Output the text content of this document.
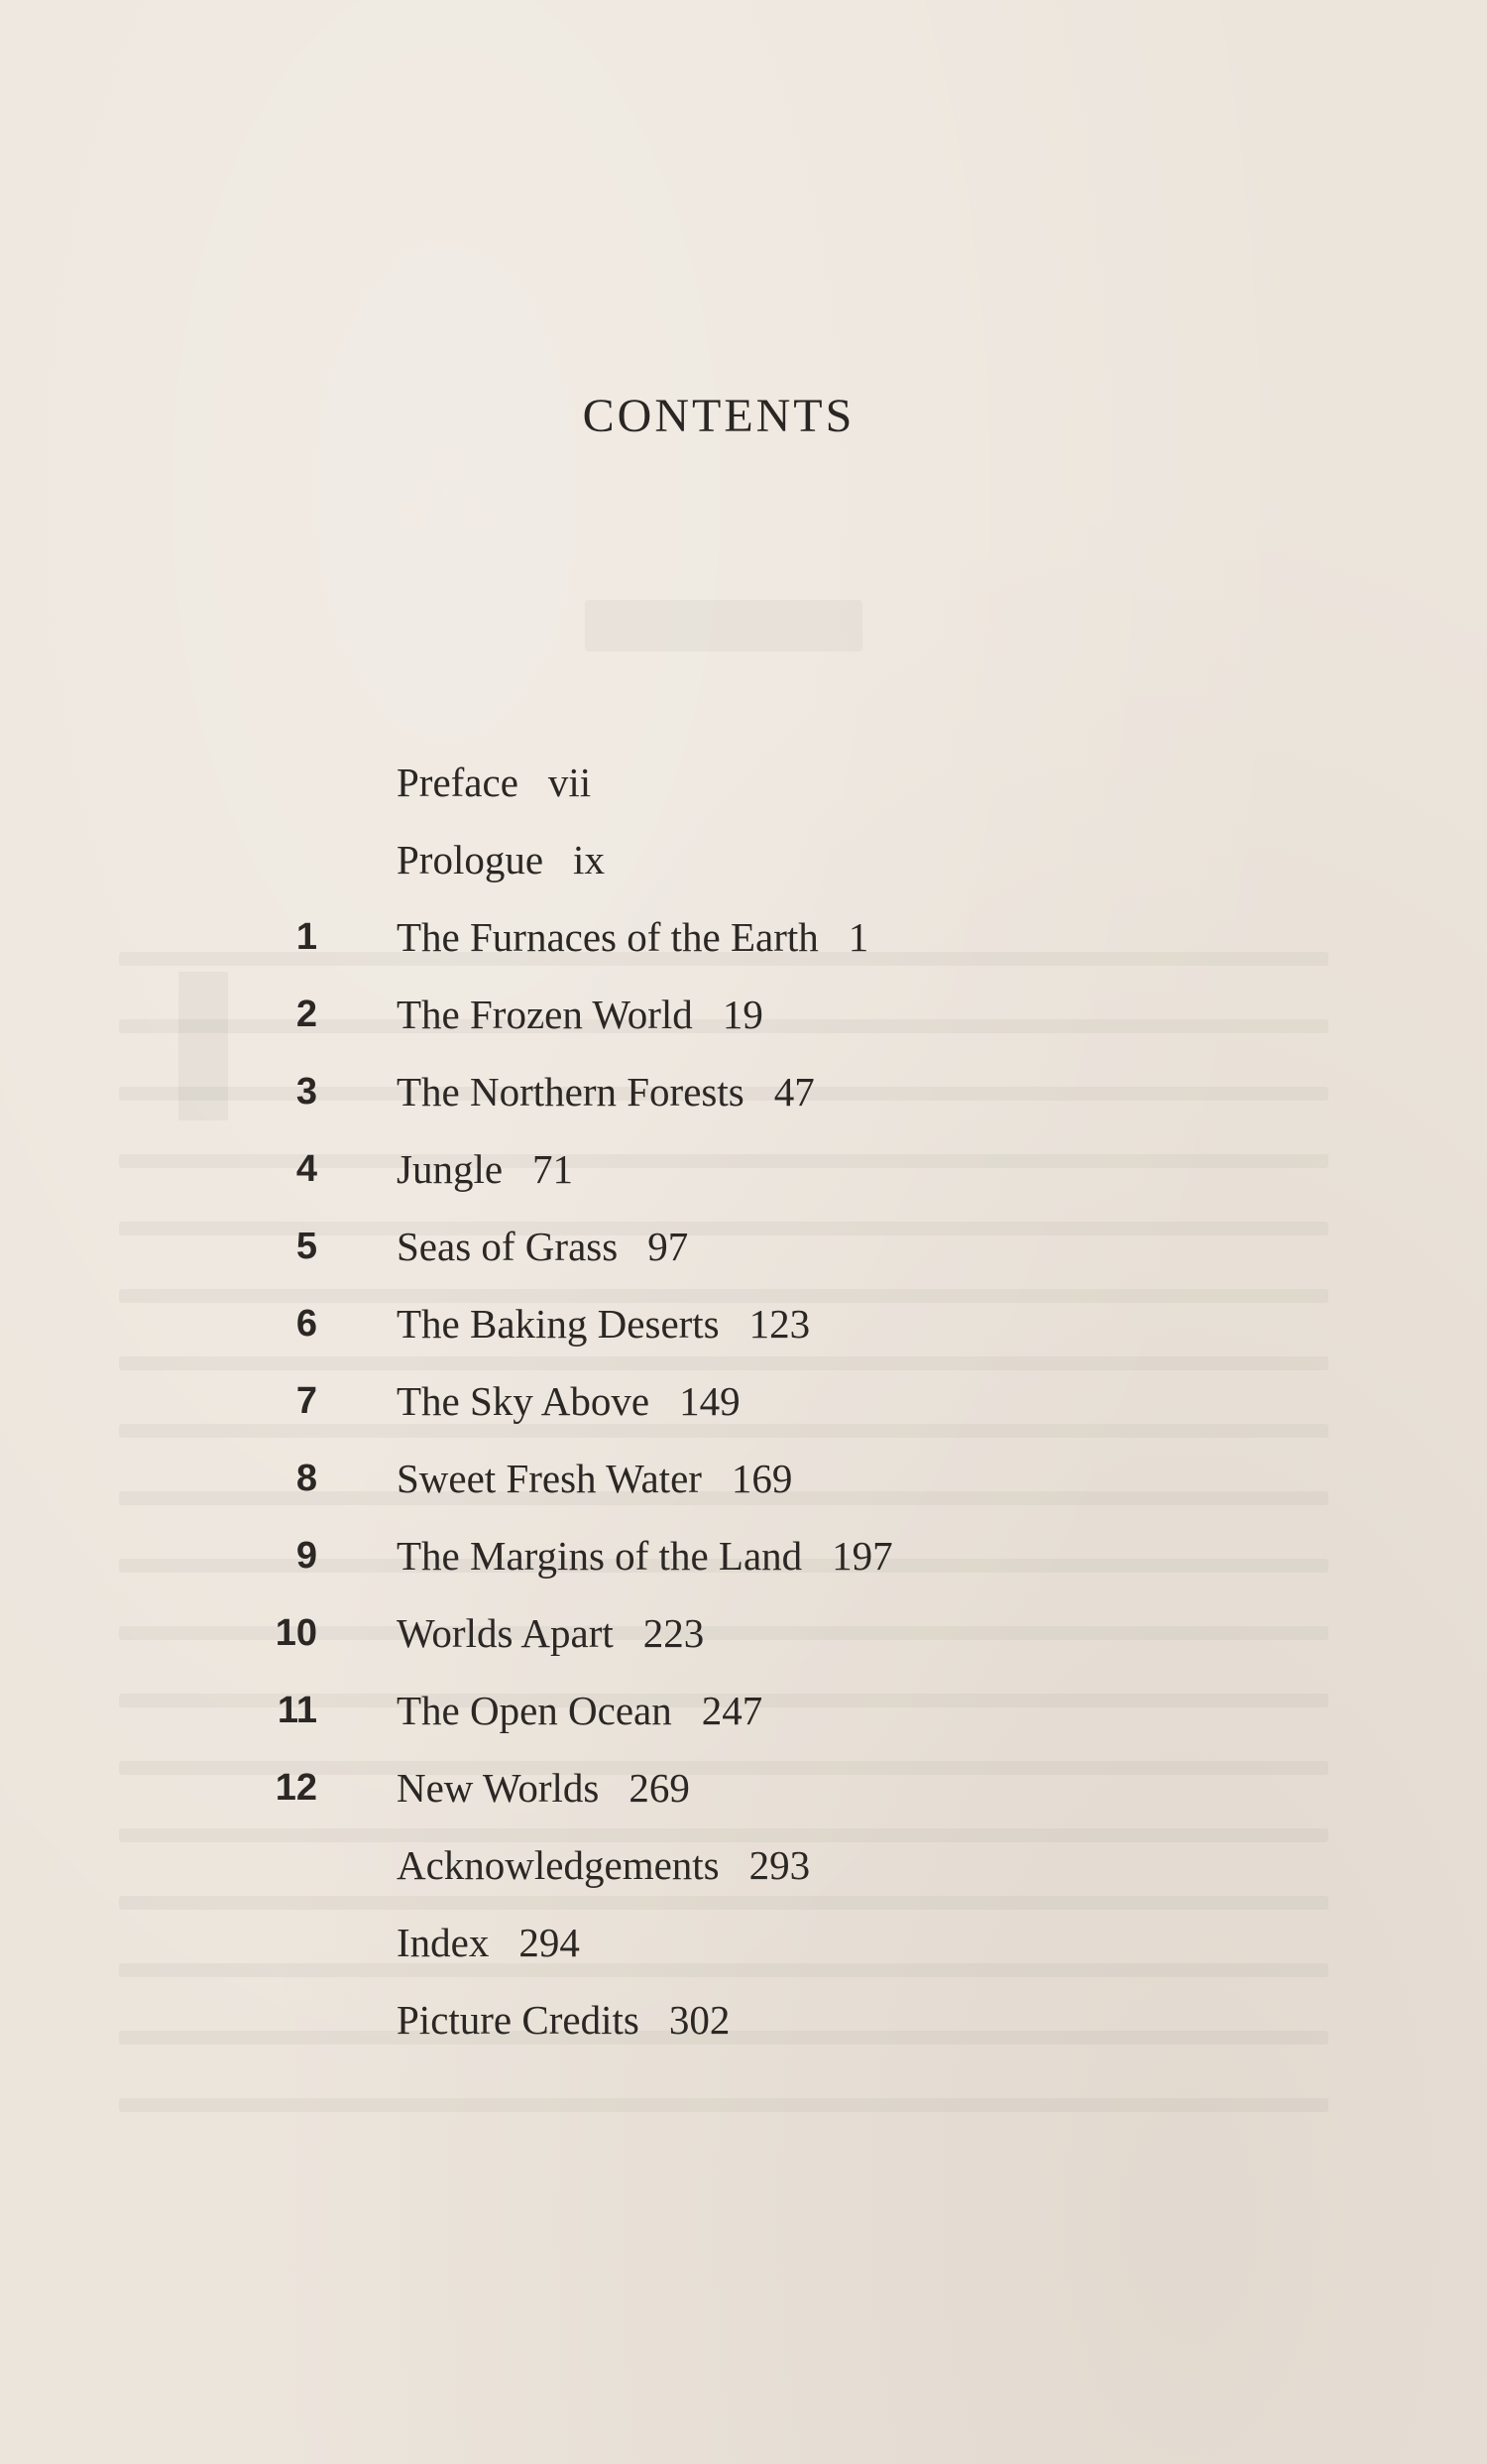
CONTENTS
Preface vii
Prologue ix
1 The Furnaces of the Earth 1
2 The Frozen World 19
3 The Northern Forests 47
4 Jungle 71
5 Seas of Grass 97
6 The Baking Deserts 123
7 The Sky Above 149
8 Sweet Fresh Water 169
9 The Margins of the Land 197
10 Worlds Apart 223
11 The Open Ocean 247
12 New Worlds 269
Acknowledgements 293
Index 294
Picture Credits 302
